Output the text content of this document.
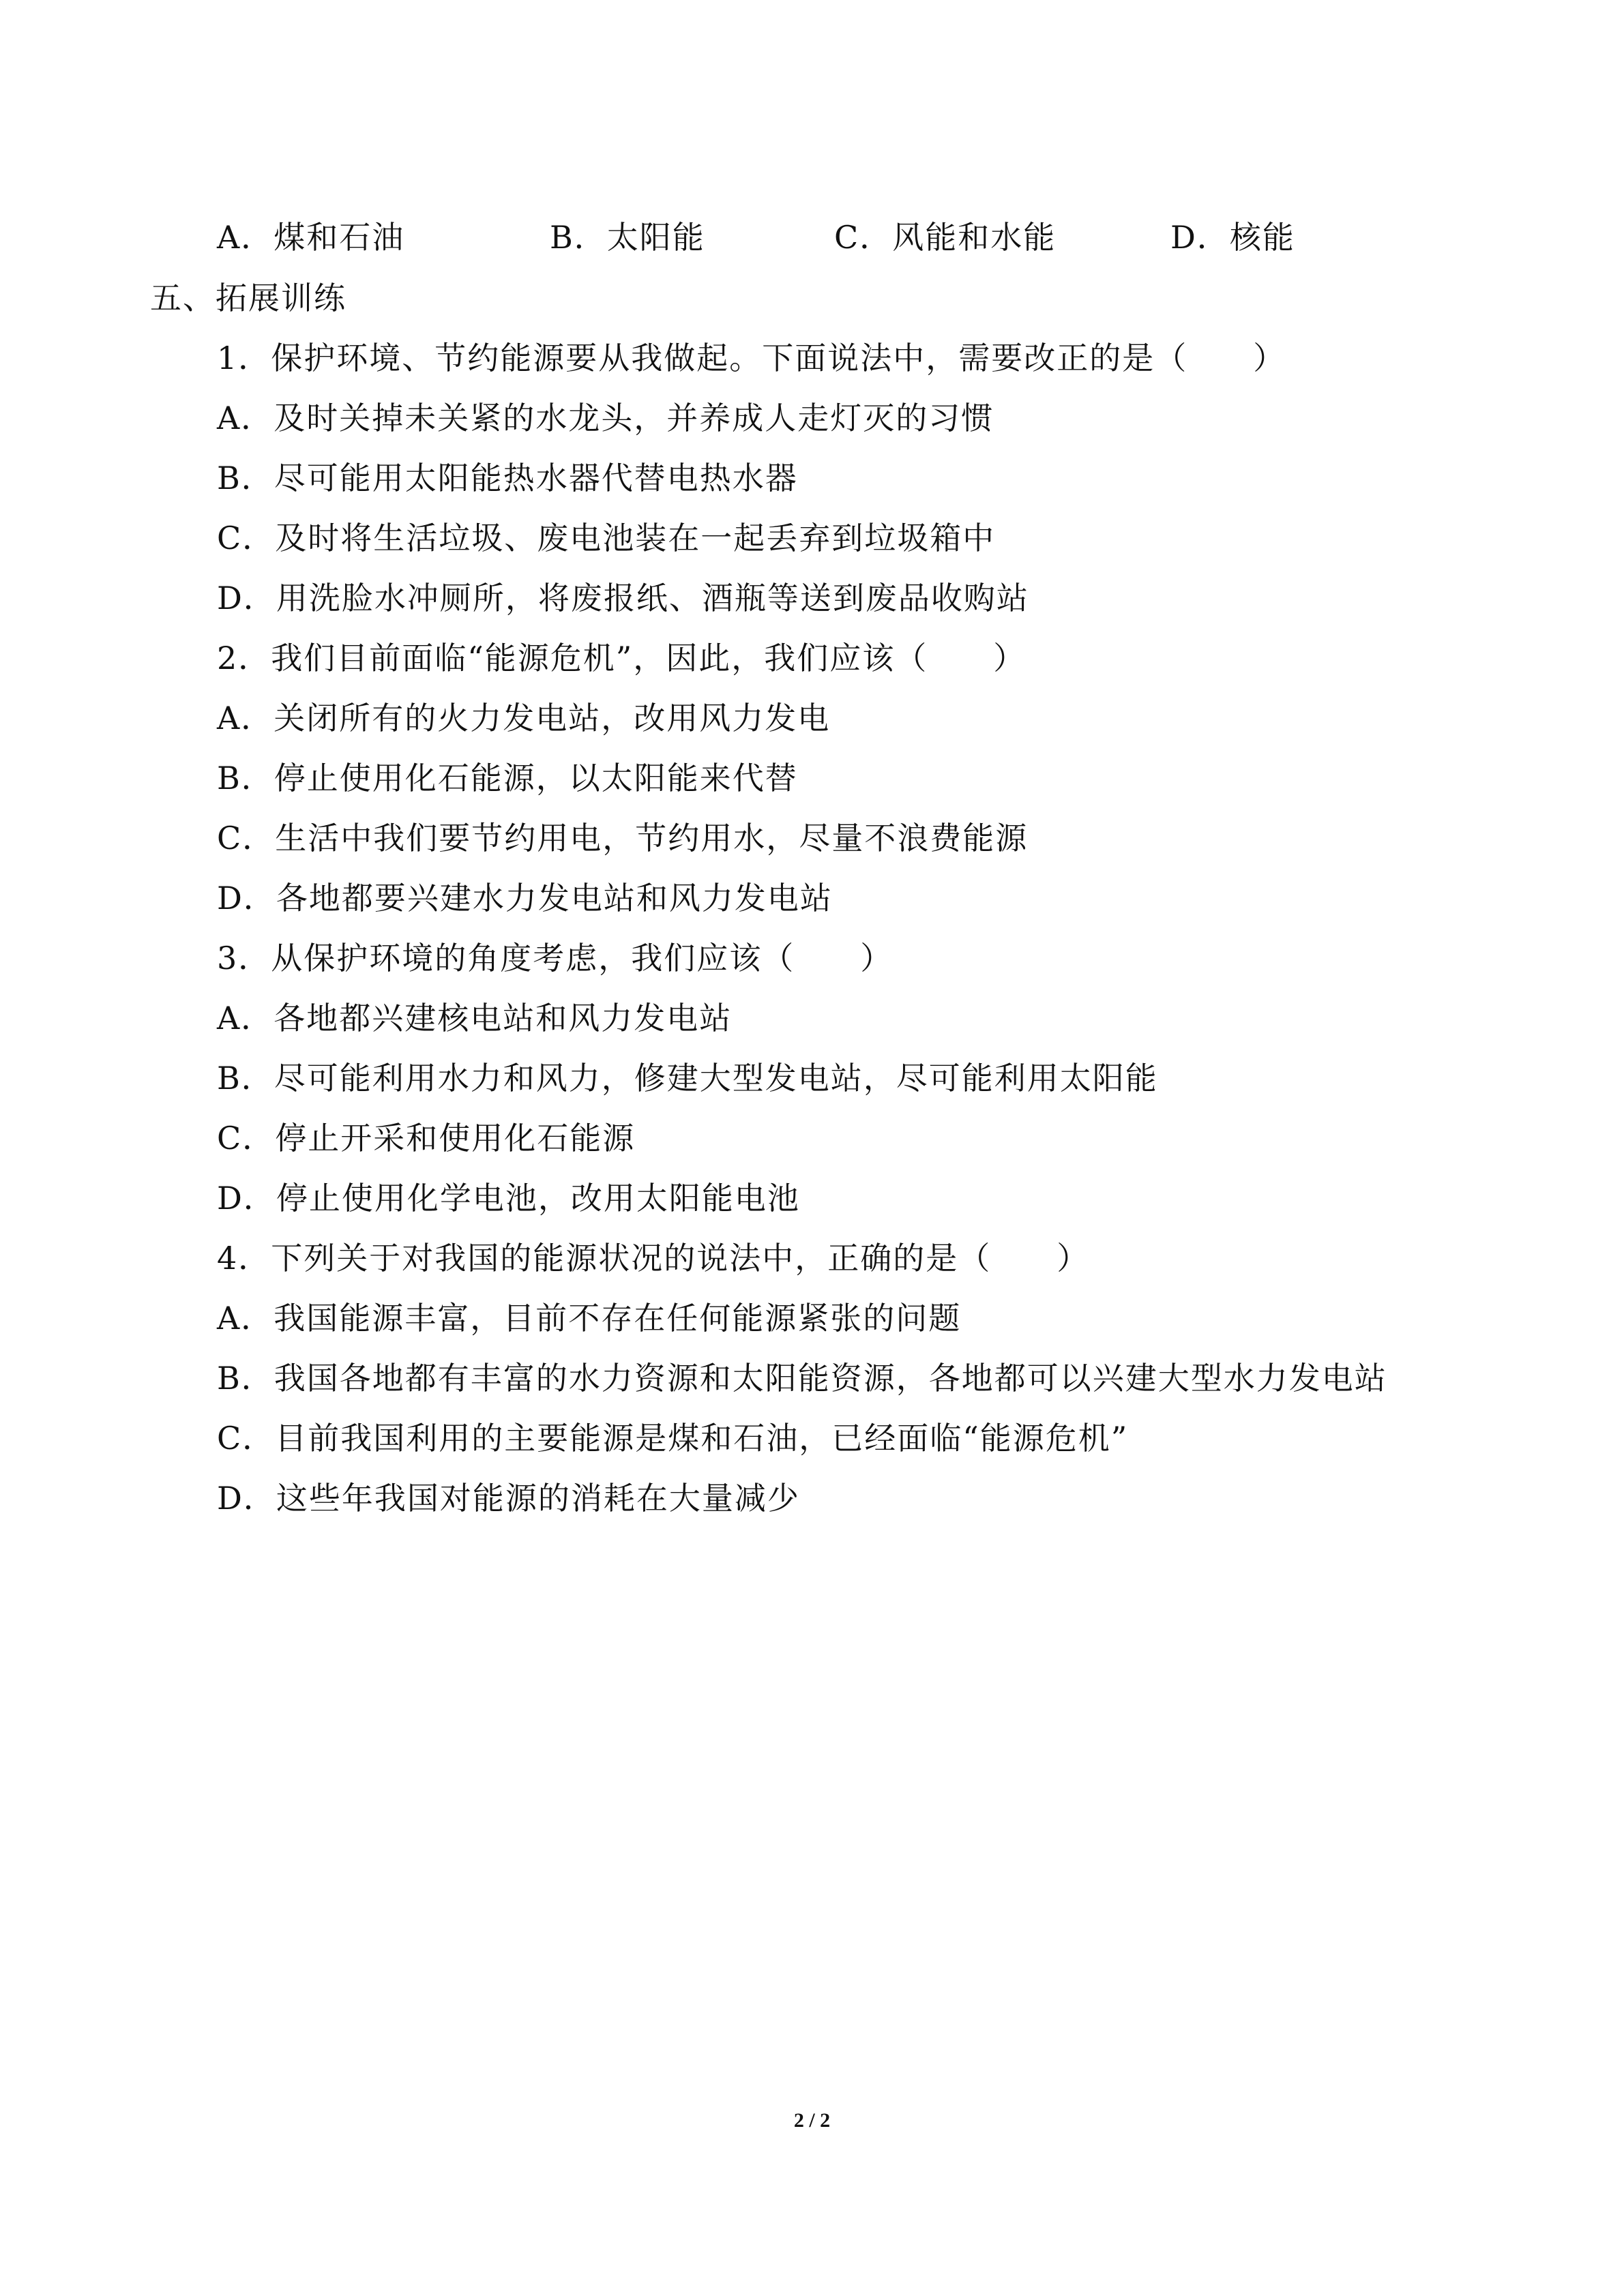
A．煤和石油	B．太阳能	C．风能和水能	D．核能
五、拓展训练
1．保护环境、节约能源要从我做起。下面说法中，需要改正的是（　　）
A．及时关掉未关紧的水龙头，并养成人走灯灭的习惯
B．尽可能用太阳能热水器代替电热水器
C．及时将生活垃圾、废电池装在一起丢弃到垃圾箱中
D．用洗脸水冲厕所，将废报纸、酒瓶等送到废品收购站
2．我们目前面临“能源危机”，因此，我们应该（　　）
A．关闭所有的火力发电站，改用风力发电
B．停止使用化石能源，以太阳能来代替
C．生活中我们要节约用电，节约用水，尽量不浪费能源
D．各地都要兴建水力发电站和风力发电站
3．从保护环境的角度考虑，我们应该（　　）
A．各地都兴建核电站和风力发电站
B．尽可能利用水力和风力，修建大型发电站，尽可能利用太阳能
C．停止开采和使用化石能源
D．停止使用化学电池，改用太阳能电池
4．下列关于对我国的能源状况的说法中，正确的是（　　）
A．我国能源丰富，目前不存在任何能源紧张的问题
B．我国各地都有丰富的水力资源和太阳能资源，各地都可以兴建大型水力发电站
C．目前我国利用的主要能源是煤和石油，已经面临“能源危机”
D．这些年我国对能源的消耗在大量减少
2 / 2
